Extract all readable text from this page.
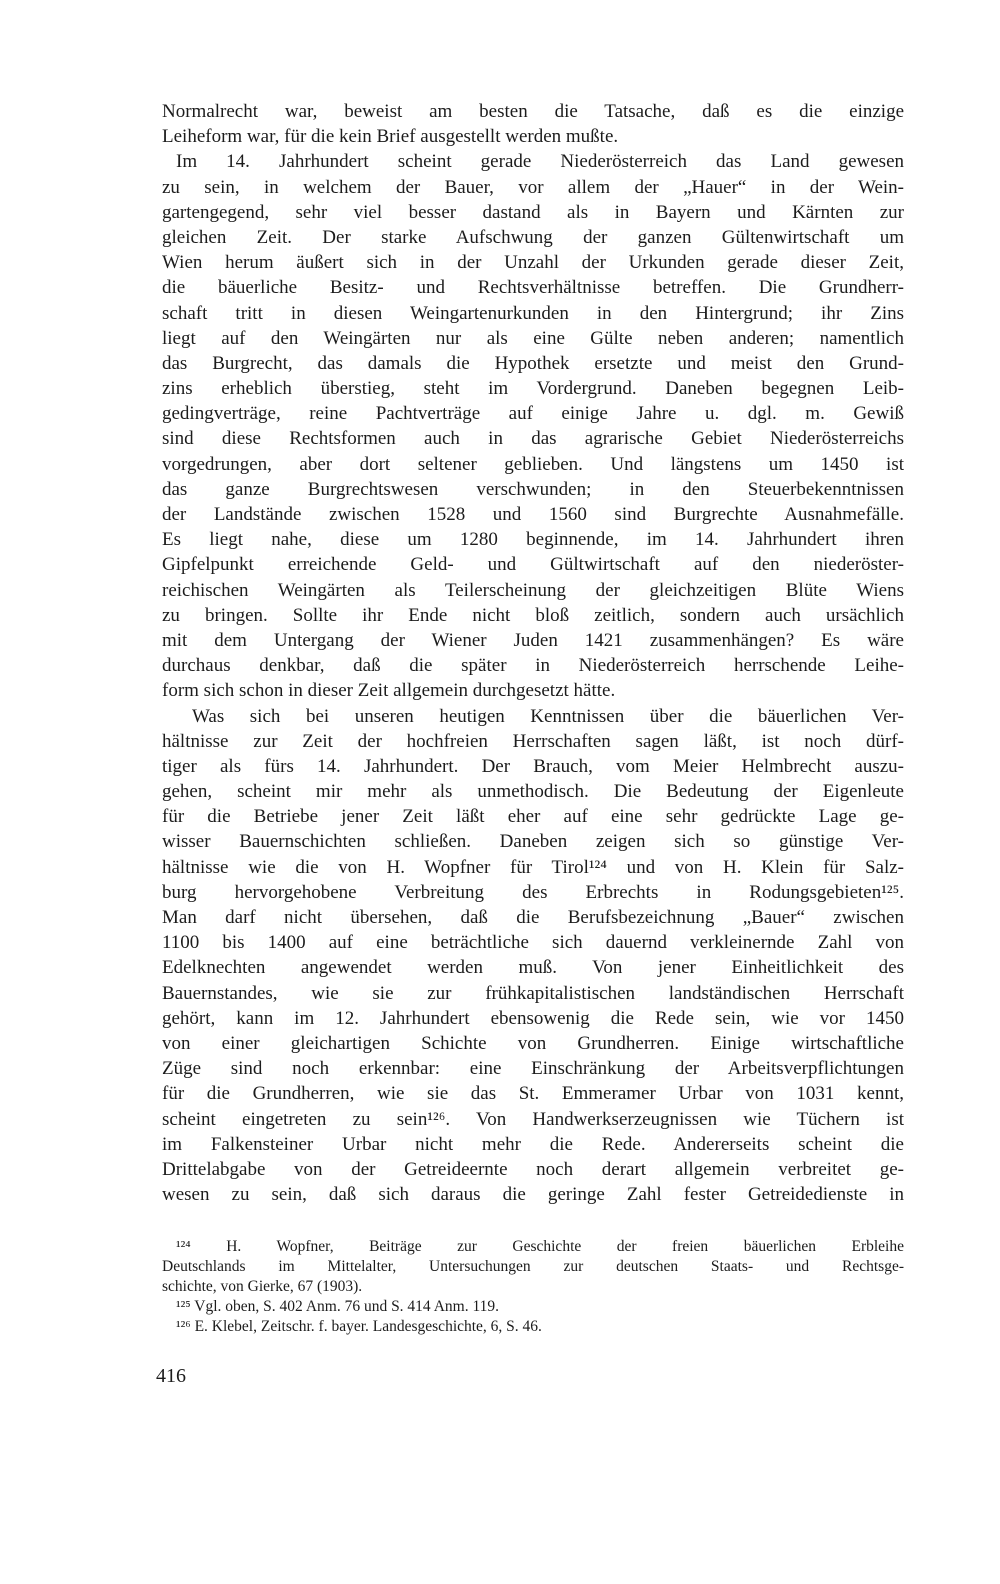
Normalrecht war, beweist am besten die Tatsache, daß es die einzige
Leiheform war, für die kein Brief ausgestellt werden mußte.
Im 14. Jahrhundert scheint gerade Niederösterreich das Land gewesen
zu sein, in welchem der Bauer, vor allem der „Hauer“ in der Wein-
gartengegend, sehr viel besser dastand als in Bayern und Kärnten zur
gleichen Zeit. Der starke Aufschwung der ganzen Gültenwirtschaft um
Wien herum äußert sich in der Unzahl der Urkunden gerade dieser Zeit,
die bäuerliche Besitz- und Rechtsverhältnisse betreffen. Die Grundherr-
schaft tritt in diesen Weingartenurkunden in den Hintergrund; ihr Zins
liegt auf den Weingärten nur als eine Gülte neben anderen; namentlich
das Burgrecht, das damals die Hypothek ersetzte und meist den Grund-
zins erheblich überstieg, steht im Vordergrund. Daneben begegnen Leib-
gedingverträge, reine Pachtverträge auf einige Jahre u. dgl. m. Gewiß
sind diese Rechtsformen auch in das agrarische Gebiet Niederösterreichs
vorgedrungen, aber dort seltener geblieben. Und längstens um 1450 ist
das ganze Burgrechtswesen verschwunden; in den Steuerbekenntnissen
der Landstände zwischen 1528 und 1560 sind Burgrechte Ausnahmefälle.
Es liegt nahe, diese um 1280 beginnende, im 14. Jahrhundert ihren
Gipfelpunkt erreichende Geld- und Gültwirtschaft auf den niederöster-
reichischen Weingärten als Teilerscheinung der gleichzeitigen Blüte Wiens
zu bringen. Sollte ihr Ende nicht bloß zeitlich, sondern auch ursächlich
mit dem Untergang der Wiener Juden 1421 zusammenhängen? Es wäre
durchaus denkbar, daß die später in Niederösterreich herrschende Leihe-
form sich schon in dieser Zeit allgemein durchgesetzt hätte.
Was sich bei unseren heutigen Kenntnissen über die bäuerlichen Ver-
hältnisse zur Zeit der hochfreien Herrschaften sagen läßt, ist noch dürf-
tiger als fürs 14. Jahrhundert. Der Brauch, vom Meier Helmbrecht auszu-
gehen, scheint mir mehr als unmethodisch. Die Bedeutung der Eigenleute
für die Betriebe jener Zeit läßt eher auf eine sehr gedrückte Lage ge-
wisser Bauernschichten schließen. Daneben zeigen sich so günstige Ver-
hältnisse wie die von H. Wopfner für Tirol¹²⁴ und von H. Klein für Salz-
burg hervorgehobene Verbreitung des Erbrechts in Rodungsgebieten¹²⁵.
Man darf nicht übersehen, daß die Berufsbezeichnung „Bauer“ zwischen
1100 bis 1400 auf eine beträchtliche sich dauernd verkleinernde Zahl von
Edelknechten angewendet werden muß. Von jener Einheitlichkeit des
Bauernstandes, wie sie zur frühkapitalistischen landständischen Herrschaft
gehört, kann im 12. Jahrhundert ebensowenig die Rede sein, wie vor 1450
von einer gleichartigen Schichte von Grundherren. Einige wirtschaftliche
Züge sind noch erkennbar: eine Einschränkung der Arbeitsverpflichtungen
für die Grundherren, wie sie das St. Emmeramer Urbar von 1031 kennt,
scheint eingetreten zu sein¹²⁶. Von Handwerkserzeugnissen wie Tüchern ist
im Falkensteiner Urbar nicht mehr die Rede. Andererseits scheint die
Drittelabgabe von der Getreideernte noch derart allgemein verbreitet ge-
wesen zu sein, daß sich daraus die geringe Zahl fester Getreidedienste in
¹²⁴ H. Wopfner, Beiträge zur Geschichte der freien bäuerlichen Erbleihe
Deutschlands im Mittelalter, Untersuchungen zur deutschen Staats- und Rechtsge-
schichte, von Gierke, 67 (1903).
¹²⁵ Vgl. oben, S. 402 Anm. 76 und S. 414 Anm. 119.
¹²⁶ E. Klebel, Zeitschr. f. bayer. Landesgeschichte, 6, S. 46.
416
